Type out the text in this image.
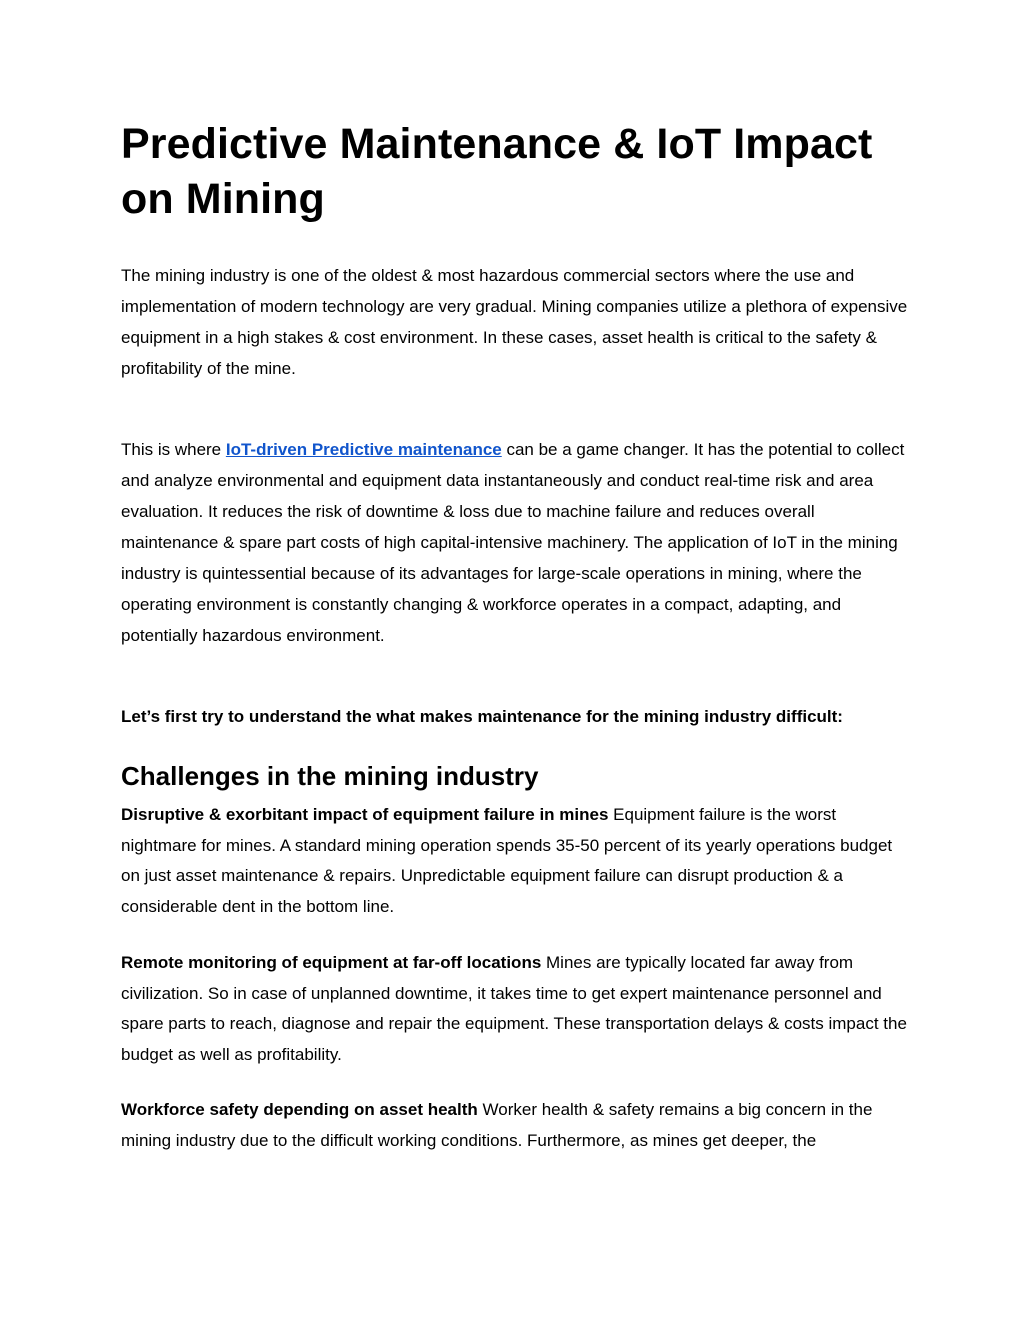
Predictive Maintenance & IoT Impact on Mining

The mining industry is one of the oldest & most hazardous commercial sectors where the use and implementation of modern technology are very gradual. Mining companies utilize a plethora of expensive equipment in a high stakes & cost environment. In these cases, asset health is critical to the safety & profitability of the mine.

This is where IoT-driven Predictive maintenance can be a game changer. It has the potential to collect and analyze environmental and equipment data instantaneously and conduct real-time risk and area evaluation. It reduces the risk of downtime & loss due to machine failure and reduces overall maintenance & spare part costs of high capital-intensive machinery. The application of IoT in the mining industry is quintessential because of its advantages for large-scale operations in mining, where the operating environment is constantly changing & workforce operates in a compact, adapting, and potentially hazardous environment.

Let’s first try to understand the what makes maintenance for the mining industry difficult:

Challenges in the mining industry

Disruptive & exorbitant impact of equipment failure in mines Equipment failure is the worst nightmare for mines. A standard mining operation spends 35-50 percent of its yearly operations budget on just asset maintenance & repairs. Unpredictable equipment failure can disrupt production & a considerable dent in the bottom line.

Remote monitoring of equipment at far-off locations Mines are typically located far away from civilization. So in case of unplanned downtime, it takes time to get expert maintenance personnel and spare parts to reach, diagnose and repair the equipment. These transportation delays & costs impact the budget as well as profitability.

Workforce safety depending on asset health Worker health & safety remains a big concern in the mining industry due to the difficult working conditions. Furthermore, as mines get deeper, the
